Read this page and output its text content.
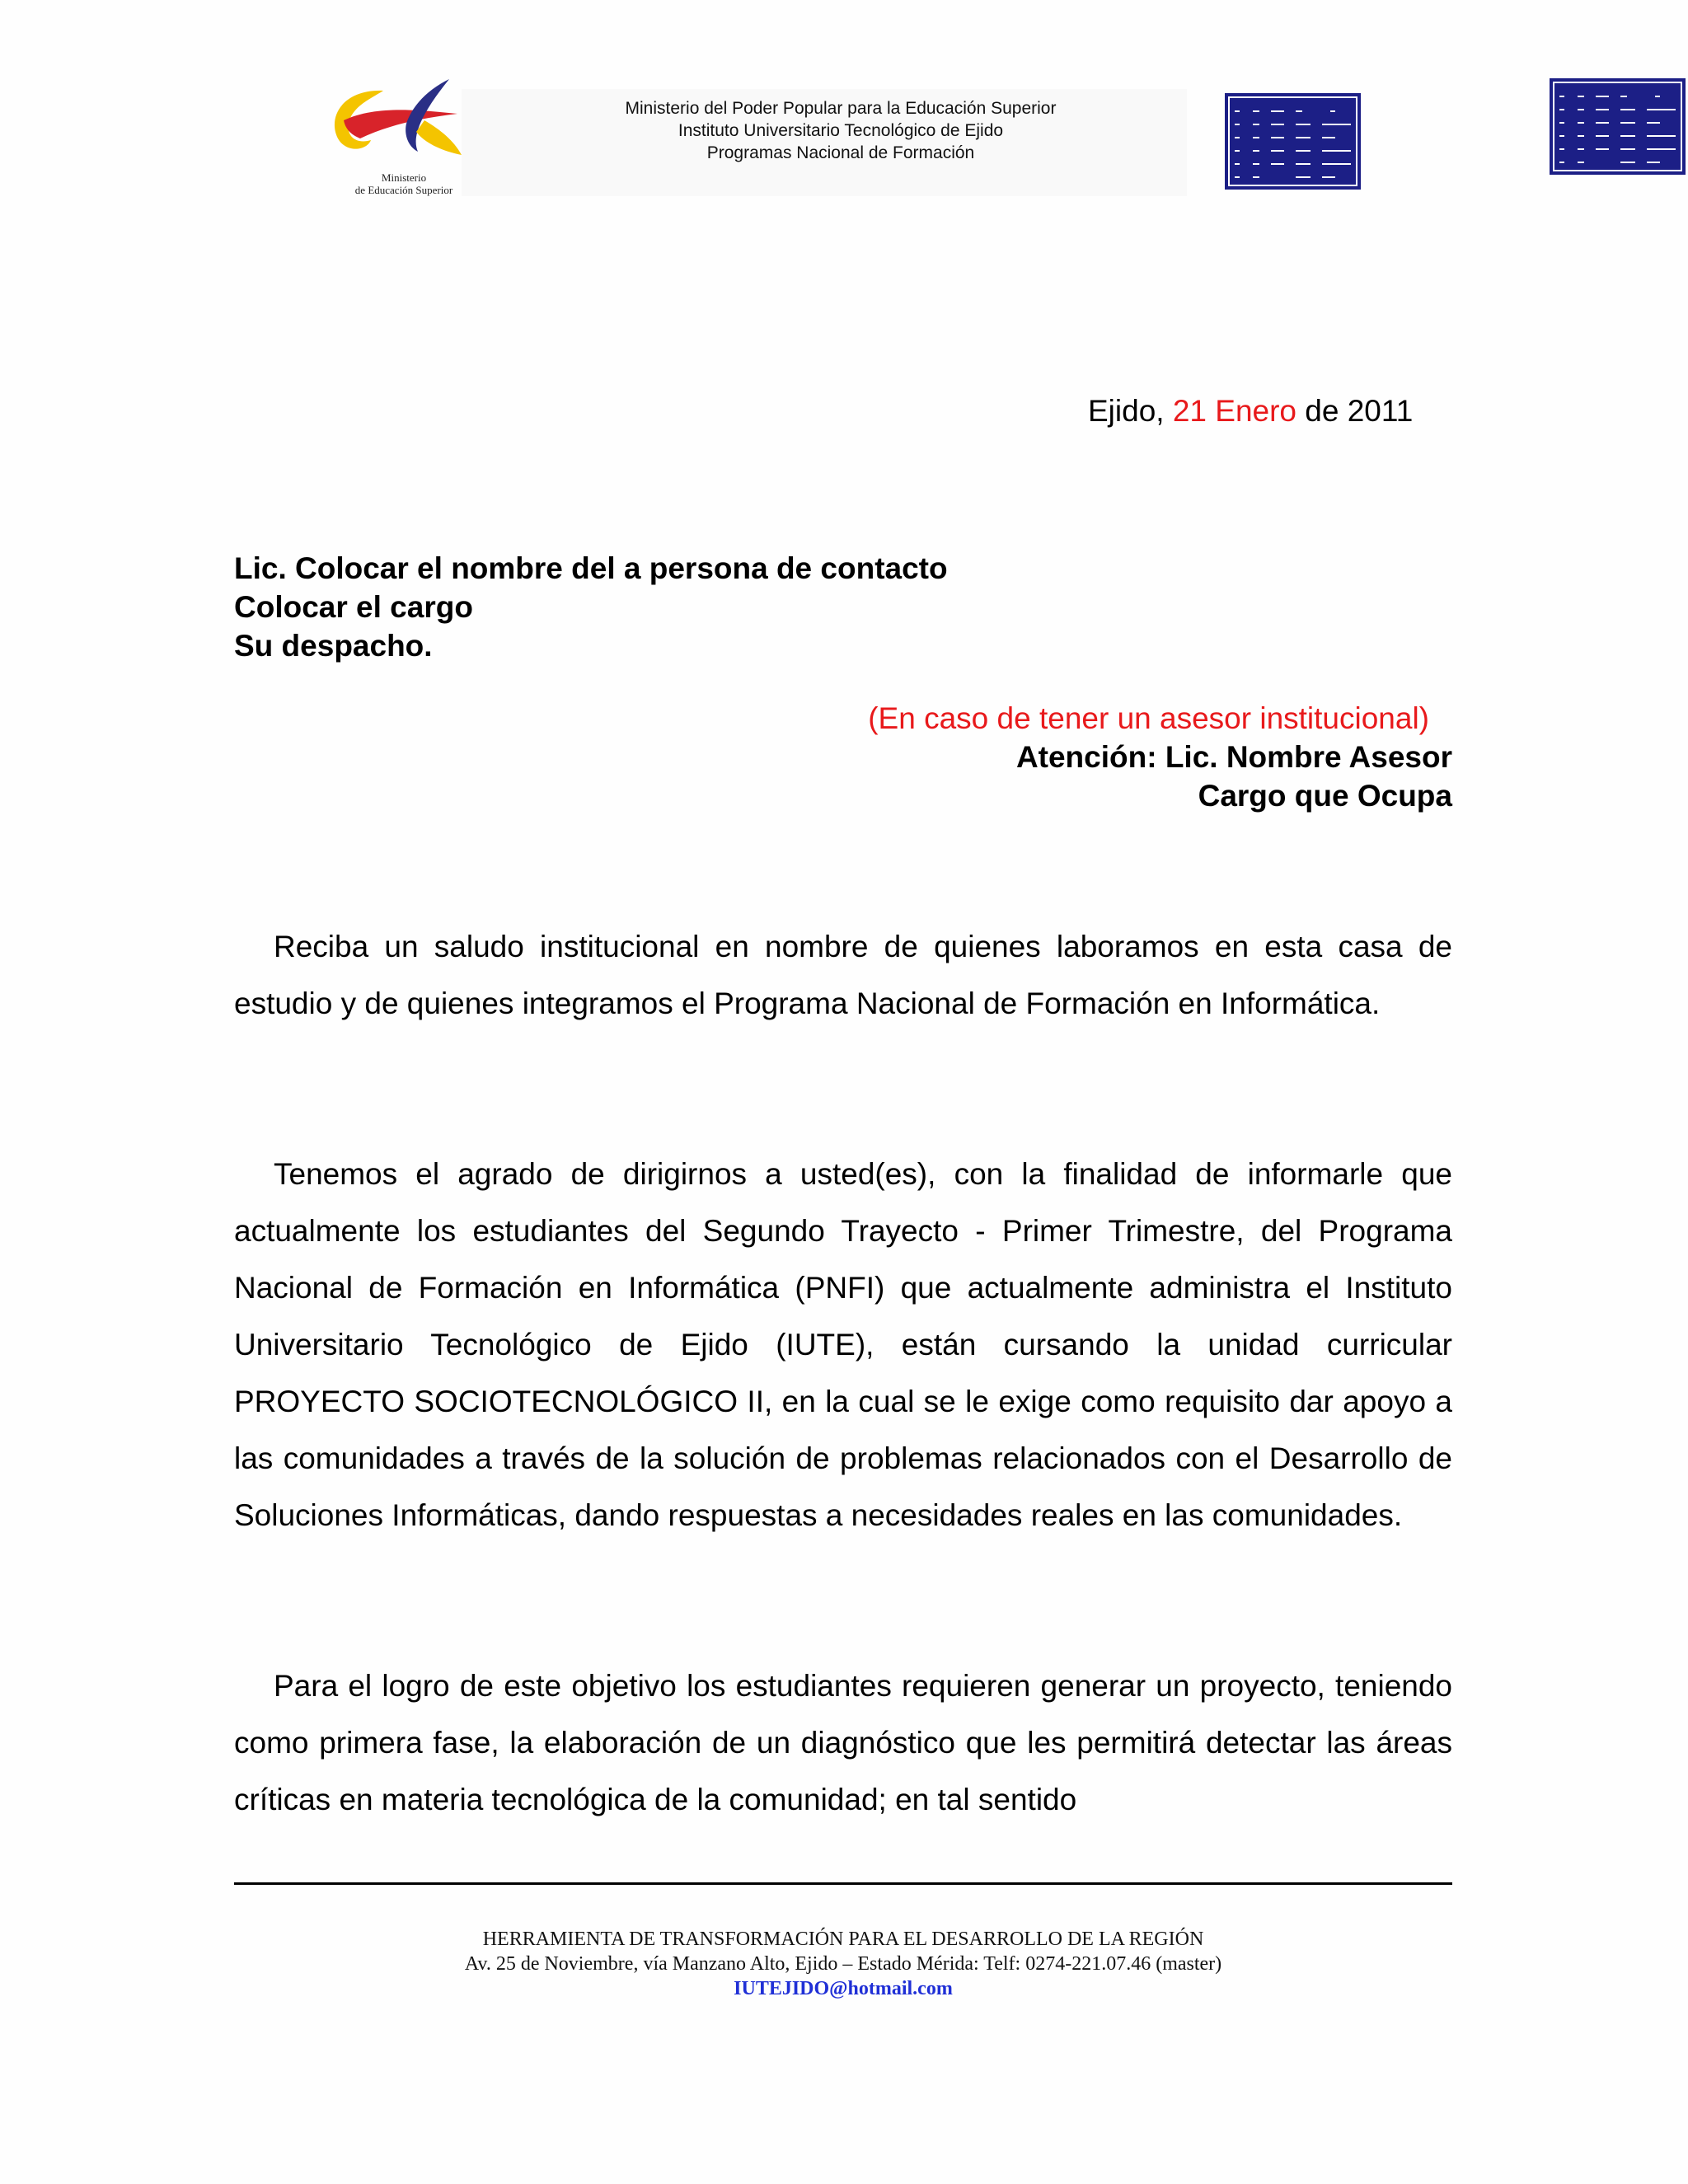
Ministerio
de Educación Superior
Ministerio del Poder Popular para la Educación Superior
Instituto Universitario Tecnológico de Ejido
Programas Nacional de Formación
Ejido, 21 Enero de 2011
Lic. Colocar el nombre del a persona de contacto
Colocar el cargo
Su despacho.
(En caso de tener un asesor institucional)
Atención: Lic. Nombre Asesor
Cargo que Ocupa

Reciba un saludo institucional en nombre de quienes laboramos en esta casa de estudio y de quienes integramos el Programa Nacional de Formación en Informática.

Tenemos el agrado de dirigirnos a usted(es), con la finalidad de informarle que actualmente los estudiantes del Segundo Trayecto - Primer Trimestre, del Programa Nacional de Formación en Informática (PNFI) que actualmente administra el Instituto Universitario Tecnológico de Ejido (IUTE), están cursando la unidad curricular PROYECTO SOCIOTECNOLÓGICO II, en la cual se le exige como requisito dar apoyo a las comunidades a través de la solución de problemas relacionados con el Desarrollo de Soluciones Informáticas, dando respuestas a necesidades reales en las comunidades.

Para el logro de este objetivo los estudiantes requieren generar un proyecto, teniendo como primera fase, la elaboración de un diagnóstico que les permitirá detectar las áreas críticas en materia tecnológica de la comunidad; en tal sentido

HERRAMIENTA DE TRANSFORMACIÓN PARA EL DESARROLLO DE LA REGIÓN
Av. 25 de Noviembre, vía Manzano Alto, Ejido – Estado Mérida: Telf: 0274-221.07.46 (master)
IUTEJIDO@hotmail.com
